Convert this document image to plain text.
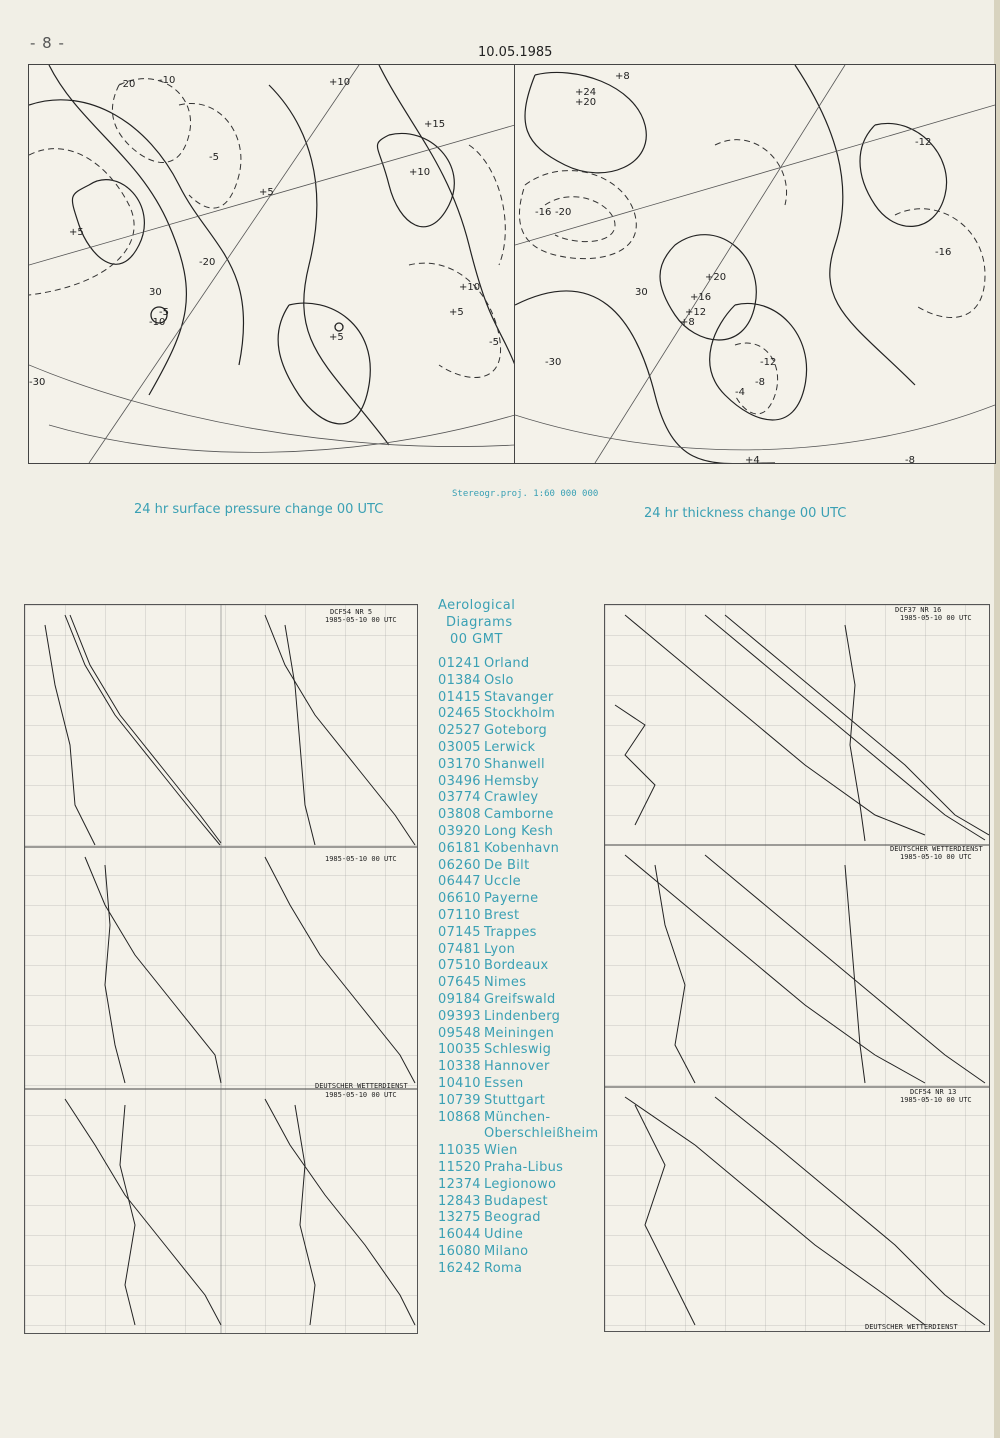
- 8 -
10.05.1985
-20 -10	+10
+15
+10
+5
+5
+10
+5
+5
-20
-5
-10
-5
-5
-30
30
+20
+24
+8
-16 -20
+20
+16
+12
+8
-12
-8
-4
-12
-16
+4
-30
30
-8
24 hr surface pressure change 00 UTC
Stereogr.proj. 1:60 000 000
24 hr thickness change 00 UTC
DCF54 NR 5
1985-05-10 00 UTC
1985-05-10 00 UTC
DEUTSCHER WETTERDIENST
1985-05-10 00 UTC
Aerological
Diagrams
00 GMT
01241 Orland
01384 Oslo
01415 Stavanger
02465 Stockholm
02527 Goteborg
03005 Lerwick
03170 Shanwell
03496 Hemsby
03774 Crawley
03808 Camborne
03920 Long Kesh
06181 Kobenhavn
06260 De Bilt
06447 Uccle
06610 Payerne
07110 Brest
07145 Trappes
07481 Lyon
07510 Bordeaux
07645 Nimes
09184 Greifswald
09393 Lindenberg
09548 Meiningen
10035 Schleswig
10338 Hannover
10410 Essen
10739 Stuttgart
10868 München-
Oberschleißheim
11035 Wien
11520 Praha-Libus
12374 Legionowo
12843 Budapest
13275 Beograd
16044 Udine
16080 Milano
16242 Roma
DCF37 NR 16
1985-05-10 00 UTC
DEUTSCHER WETTERDIENST
1985-05-10 00 UTC
DCF54 NR 13
1985-05-10 00 UTC
DEUTSCHER WETTERDIENST
